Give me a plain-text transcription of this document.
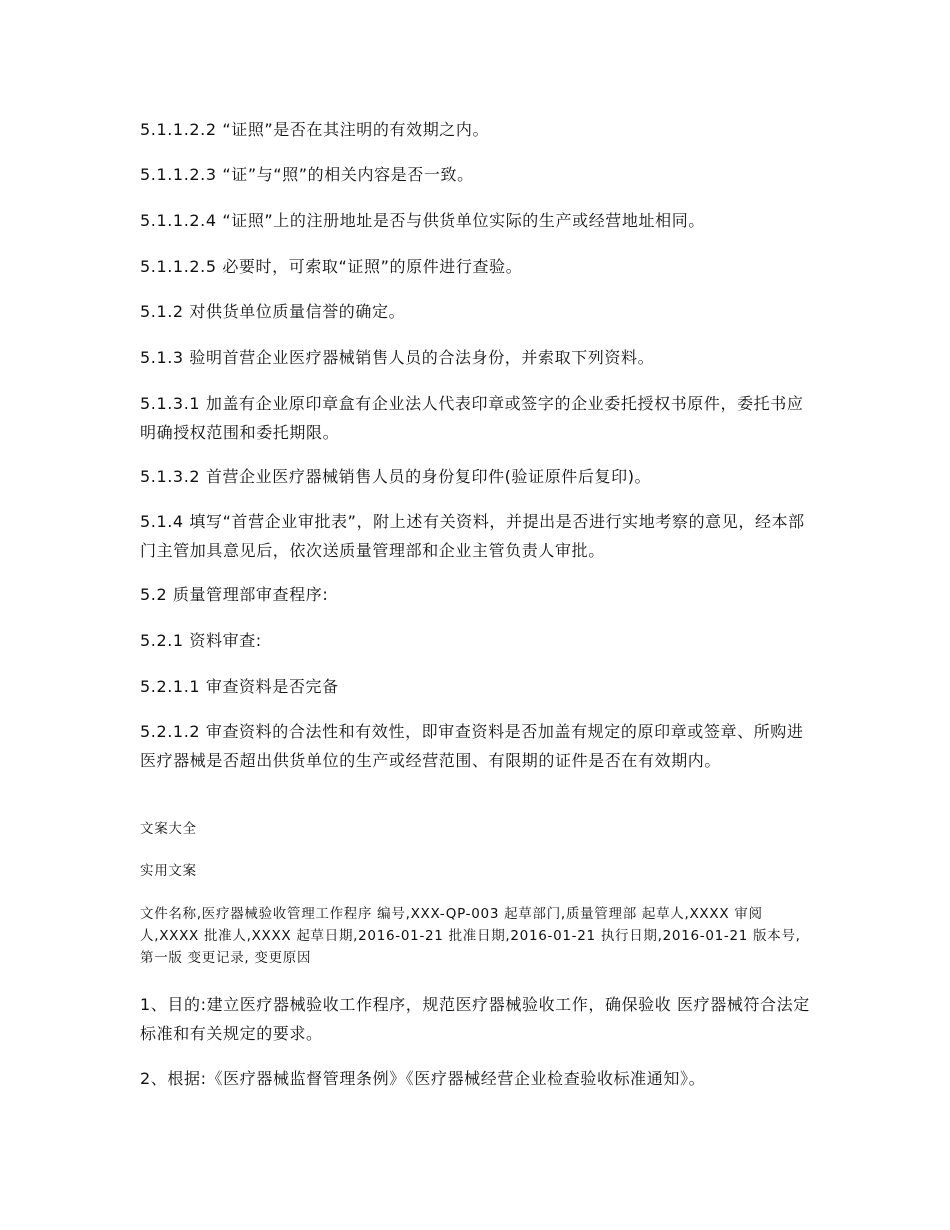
5.1.1.2.2 “证照”是否在其注明的有效期之内。

5.1.1.2.3 “证”与“照”的相关内容是否一致。

5.1.1.2.4 “证照”上的注册地址是否与供货单位实际的生产或经营地址相同。

5.1.1.2.5 必要时，可索取“证照”的原件进行查验。

5.1.2 对供货单位质量信誉的确定。

5.1.3 验明首营企业医疗器械销售人员的合法身份，并索取下列资料。

5.1.3.1 加盖有企业原印章盒有企业法人代表印章或签字的企业委托授权书原件，委托书应明确授权范围和委托期限。

5.1.3.2 首营企业医疗器械销售人员的身份复印件(验证原件后复印)。

5.1.4 填写“首营企业审批表”，附上述有关资料，并提出是否进行实地考察的意见，经本部门主管加具意见后，依次送质量管理部和企业主管负责人审批。

5.2 质量管理部审查程序:

5.2.1 资料审查:

5.2.1.1 审查资料是否完备

5.2.1.2 审查资料的合法性和有效性，即审查资料是否加盖有规定的原印章或签章、所购进医疗器械是否超出供货单位的生产或经营范围、有限期的证件是否在有效期内。

文案大全

实用文案

文件名称,医疗器械验收管理工作程序 编号,XXX-QP-003 起草部门,质量管理部 起草人,XXXX 审阅人,XXXX 批准人,XXXX 起草日期,2016-01-21 批准日期,2016-01-21 执行日期,2016-01-21 版本号,第一版 变更记录, 变更原因

1、目的:建立医疗器械验收工作程序，规范医疗器械验收工作，确保验收 医疗器械符合法定标准和有关规定的要求。

2、根据:《医疗器械监督管理条例》《医疗器械经营企业检查验收标准通知》。
